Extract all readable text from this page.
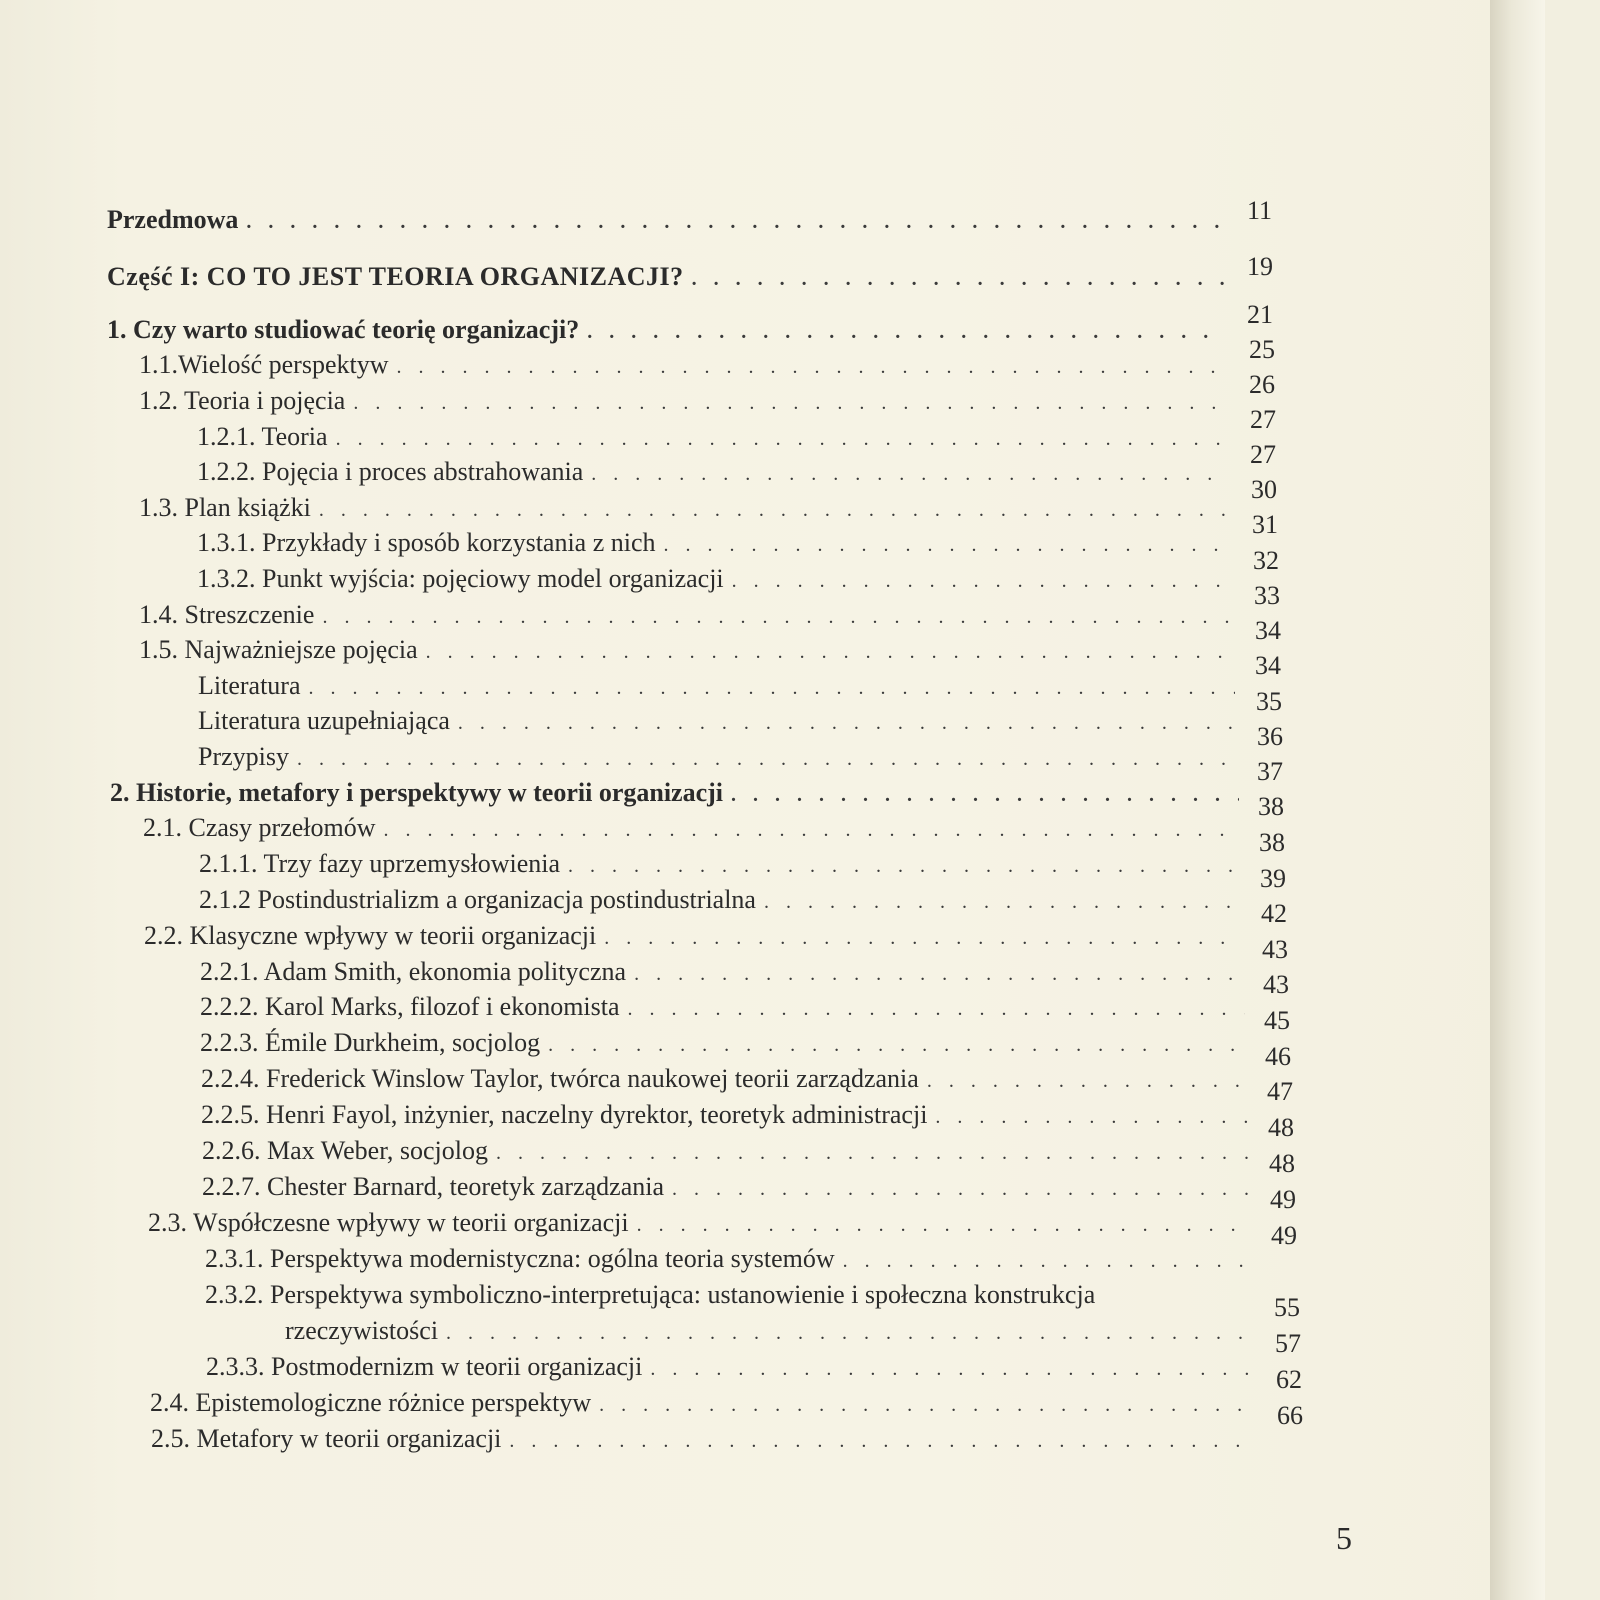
Przedmowa . . .	11
Część I: CO TO JEST TEORIA ORGANIZACJI? . . .	19
1. Czy warto studiować teorię organizacji?
. . .
21
1.1.Wielość perspektyw
. . .
25
1.2. Teoria i pojęcia
. . .
26
1.2.1. Teoria
. . .
27
1.2.2. Pojęcia i proces abstrahowania
. . .
27
1.3. Plan książki
. . .
30
1.3.1. Przykłady i sposób korzystania z nich
. . .
31
1.3.2. Punkt wyjścia: pojęciowy model organizacji
. . .
32
1.4. Streszczenie
. . .
33
1.5. Najważniejsze pojęcia
. . .
34
Literatura
. . .
34
Literatura uzupełniająca
. . .
35
Przypisy
. . .
36
2. Historie, metafory i perspektywy w teorii organizacji
. . .
37
2.1. Czasy przełomów
. . .
38
2.1.1. Trzy fazy uprzemysłowienia
. . .
38
2.1.2 Postindustrializm a organizacja postindustrialna
. . .
39
2.2. Klasyczne wpływy w teorii organizacji
. . .
42
2.2.1. Adam Smith, ekonomia polityczna
. . .
43
2.2.2. Karol Marks, filozof i ekonomista
. . .
43
2.2.3. Émile Durkheim, socjolog
. . .
45
2.2.4. Frederick Winslow Taylor, twórca naukowej teorii zarządzania
. . .
46
2.2.5. Henri Fayol, inżynier, naczelny dyrektor, teoretyk administracji
. . .
47
2.2.6. Max Weber, socjolog
. . .
48
2.2.7. Chester Barnard, teoretyk zarządzania
. . .
48
2.3. Współczesne wpływy w teorii organizacji
. . .
49
2.3.1. Perspektywa modernistyczna: ogólna teoria systemów
. . .
49
2.3.2. Perspektywa symboliczno-interpretująca: ustanowienie i społeczna konstrukcja
rzeczywistości
. . .
55
2.3.3. Postmodernizm w teorii organizacji
. . .
57
2.4. Epistemologiczne różnice perspektyw
. . .
62
2.5. Metafory w teorii organizacji
. . .
66
5
